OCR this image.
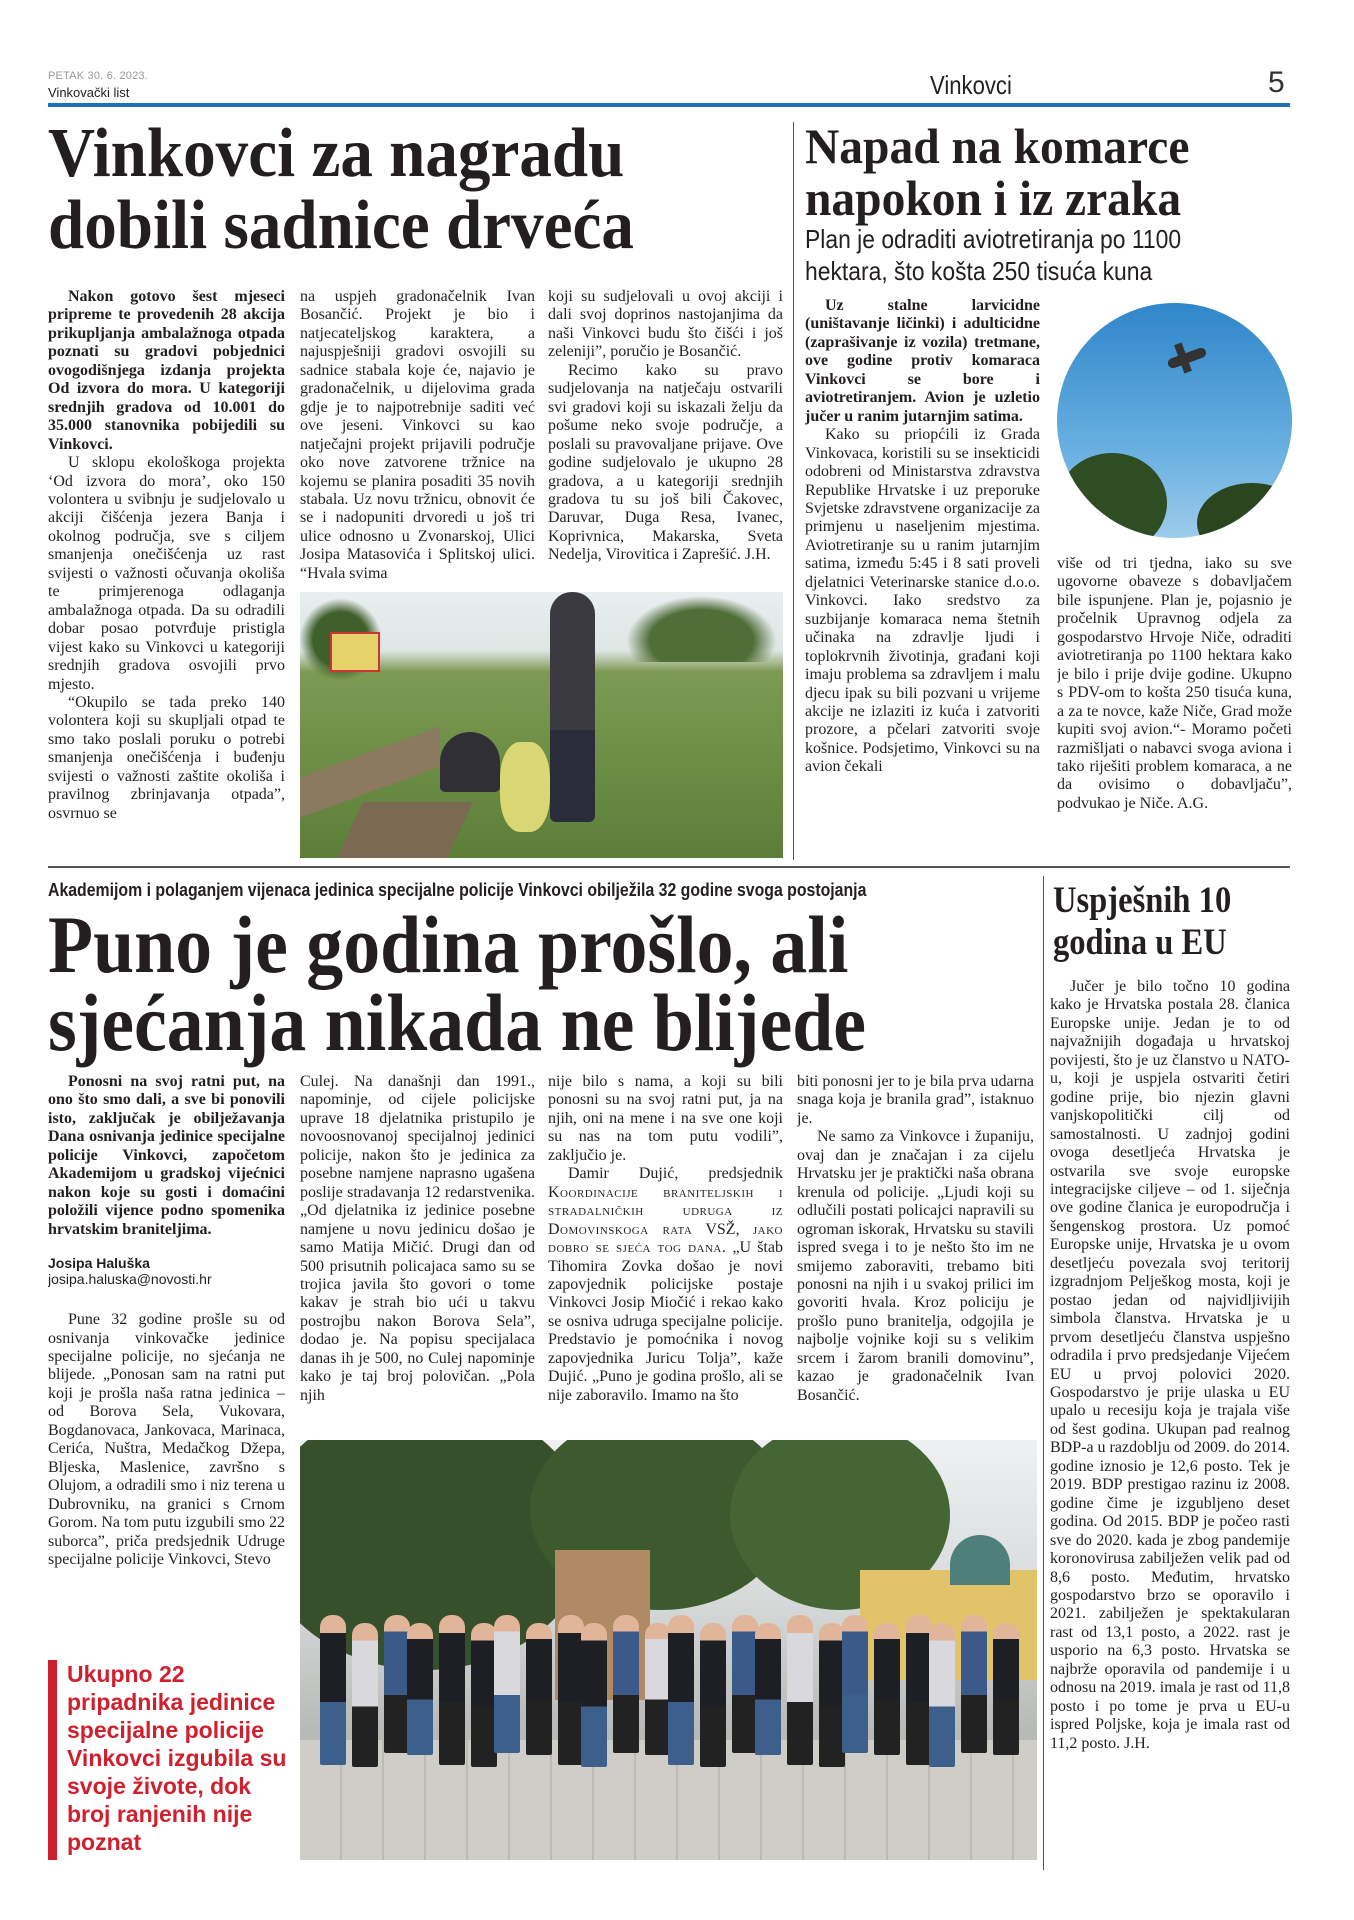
PETAK 30. 6. 2023.
Vinkovački list	Vinkovci	5
Vinkovci za nagradu
dobili sadnice drveća

Nakon gotovo šest mjeseci pripreme te provedenih 28 akcija prikupljanja ambalažnoga otpada poznati su gradovi pobjednici ovogodišnjega izdanja projekta Od izvora do mora. U kategoriji srednjih gradova od 10.001 do 35.000 stanovnika pobijedili su Vinkovci.

U sklopu ekološkoga projekta ‘Od izvora do mora’, oko 150 volontera u svibnju je sudjelovalo u akciji čišćenja jezera Banja i okolnog područja, sve s ciljem smanjenja onečišćenja uz rast svijesti o važnosti očuvanja okoliša te primjerenoga odlaganja ambalažnoga otpada. Da su odradili dobar posao potvrđuje pristigla vijest kako su Vinkovci u kategoriji srednjih gradova osvojili prvo mjesto.

“Okupilo se tada preko 140 volontera koji su skupljali otpad te smo tako poslali poruku o potrebi smanjenja onečišćenja i buđenju svijesti o važnosti zaštite okoliša i pravilnog zbrinjavanja otpada”, osvrnuo se

na uspjeh gradonačelnik Ivan Bosančić. Projekt je bio i natjecateljskog karaktera, a najuspješniji gradovi osvojili su sadnice stabala koje će, najavio je gradonačelnik, u dijelovima grada gdje je to najpotrebnije saditi već ove jeseni. Vinkovci su kao natječajni projekt prijavili područje oko nove zatvorene tržnice na kojemu se planira posaditi 35 novih stabala. Uz novu tržnicu, obnovit će se i nadopuniti drvoredi u još tri ulice odnosno u Zvonarskoj, Ulici Josipa Matasovića i Splitskoj ulici. “Hvala svima

koji su sudjelovali u ovoj akciji i dali svoj doprinos nastojanjima da naši Vinkovci budu što čišći i još zeleniji”, poručio je Bosančić.

Recimo kako su pravo sudjelovanja na natječaju ostvarili svi gradovi koji su iskazali želju da pošume neko svoje područje, a poslali su pravovaljane prijave. Ove godine sudjelovalo je ukupno 28 gradova, a u kategoriji srednjih gradova tu su još bili Čakovec, Daruvar, Duga Resa, Ivanec, Koprivnica, Makarska, Sveta Nedelja, Virovitica i Zaprešić. J.H.

Napad na komarce
napokon i iz zraka
Plan je odraditi aviotretiranja po 1100
hektara, što košta 250 tisuća kuna

Uz stalne larvicidne (uništavanje ličinki) i adulticidne (zaprašivanje iz vozila) tretmane, ove godine protiv komaraca Vinkovci se bore i aviotretiranjem. Avion je uzletio jučer u ranim jutarnjim satima.

Kako su priopćili iz Grada Vinkovaca, koristili su se insekticidi odobreni od Ministarstva zdravstva Republike Hrvatske i uz preporuke Svjetske zdravstvene organizacije za primjenu u naseljenim mjestima. Aviotretiranje su u ranim jutarnjim satima, između 5:45 i 8 sati proveli djelatnici Veterinarske stanice d.o.o. Vinkovci. Iako sredstvo za suzbijanje komaraca nema štetnih učinaka na zdravlje ljudi i toplokrvnih životinja, građani koji imaju problema sa zdravljem i malu djecu ipak su bili pozvani u vrijeme akcije ne izlaziti iz kuća i zatvoriti prozore, a pčelari zatvoriti svoje košnice. Podsjetimo, Vinkovci su na avion čekali

više od tri tjedna, iako su sve ugovorne obaveze s dobavljačem bile ispunjene. Plan je, pojasnio je pročelnik Upravnog odjela za gospodarstvo Hrvoje Niče, odraditi aviotretiranja po 1100 hektara kako je bilo i prije dvije godine. Ukupno s PDV-om to košta 250 tisuća kuna, a za te novce, kaže Niče, Grad može kupiti svoj avion.“- Moramo početi razmišljati o nabavci svoga aviona i tako riješiti problem komaraca, a ne da ovisimo o dobavljaču”, podvukao je Niče. A.G.

Akademijom i polaganjem vijenaca jedinica specijalne policije Vinkovci obilježila 32 godine svoga postojanja
Puno je godina prošlo, ali
sjećanja nikada ne blijede

Ponosni na svoj ratni put, na ono što smo dali, a sve bi ponovili isto, zaključak je obilježavanja Dana osnivanja jedinice specijalne policije Vinkovci, započetom Akademijom u gradskoj vijećnici nakon koje su gosti i domaćini položili vijence podno spomenika hrvatskim braniteljima.

Josipa Haluška
josipa.haluska@novosti.hr

Pune 32 godine prošle su od osnivanja vinkovačke jedinice specijalne policije, no sjećanja ne blijede. „Ponosan sam na ratni put koji je prošla naša ratna jedinica – od Borova Sela, Vukovara, Bogdanovaca, Jankovaca, Marinaca, Cerića, Nuštra, Medačkog Džepa, Bljeska, Maslenice, završno s Olujom, a odradili smo i niz terena u Dubrovniku, na granici s Crnom Gorom. Na tom putu izgubili smo 22 suborca”, priča predsjednik Udruge specijalne policije Vinkovci, Stevo

Culej. Na današnji dan 1991., napominje, od cijele policijske uprave 18 djelatnika pristupilo je novoosnovanoj specijalnoj jedinici policije, nakon što je jedinica za posebne namjene naprasno ugašena poslije stradavanja 12 redarstvenika. „Od djelatnika iz jedinice posebne namjene u novu jedinicu došao je samo Matija Mičić. Drugi dan od 500 prisutnih policajaca samo su se trojica javila što govori o tome kakav je strah bio ući u takvu postrojbu nakon Borova Sela”, dodao je. Na popisu specijalaca danas ih je 500, no Culej napominje kako je taj broj polovičan. „Pola njih

nije bilo s nama, a koji su bili ponosni su na svoj ratni put, ja na njih, oni na mene i na sve one koji su nas na tom putu vodili”, zaključio je.

Damir Dujić, predsjednik Koordinacije braniteljskih i stradalničkih udruga iz Domovinskoga rata VSŽ, jako dobro se sjeća tog dana. „U štab Tihomira Zovka došao je novi zapovjednik policijske postaje Vinkovci Josip Miočić i rekao kako se osniva udruga specijalne policije. Predstavio je pomoćnika i novog zapovjednika Juricu Tolja”, kaže Dujić. „Puno je godina prošlo, ali se nije zaboravilo. Imamo na što

biti ponosni jer to je bila prva udarna snaga koja je branila grad”, istaknuo je.

Ne samo za Vinkovce i županiju, ovaj dan je značajan i za cijelu Hrvatsku jer je praktički naša obrana krenula od policije. „Ljudi koji su odlučili postati policajci napravili su ogroman iskorak, Hrvatsku su stavili ispred svega i to je nešto što im ne smijemo zaboraviti, trebamo biti ponosni na njih i u svakoj prilici im govoriti hvala. Kroz policiju je prošlo puno branitelja, odgojila je najbolje vojnike koji su s velikim srcem i žarom branili domovinu”, kazao je gradonačelnik Ivan Bosančić.

Ukupno 22 pripadnika jedinice specijalne policije Vinkovci izgubila su svoje živote, dok broj ranjenih nije poznat
Uspješnih 10
godina u EU

Jučer je bilo točno 10 godina kako je Hrvatska postala 28. članica Europske unije. Jedan je to od najvažnijih događaja u hrvatskoj povijesti, što je uz članstvo u NATO-u, koji je uspjela ostvariti četiri godine prije, bio njezin glavni vanjskopolitički cilj od samostalnosti. U zadnjoj godini ovoga desetljeća Hrvatska je ostvarila sve svoje europske integracijske ciljeve – od 1. siječnja ove godine članica je europodručja i šengenskog prostora. Uz pomoć Europske unije, Hrvatska je u ovom desetljeću povezala svoj teritorij izgradnjom Pelješkog mosta, koji je postao jedan od najvidljivijih simbola članstva. Hrvatska je u prvom desetljeću članstva uspješno odradila i prvo predsjedanje Vijećem EU u prvoj polovici 2020. Gospodarstvo je prije ulaska u EU upalo u recesiju koja je trajala više od šest godina. Ukupan pad realnog BDP-a u razdoblju od 2009. do 2014. godine iznosio je 12,6 posto. Tek je 2019. BDP prestigao razinu iz 2008. godine čime je izgubljeno deset godina. Od 2015. BDP je počeo rasti sve do 2020. kada je zbog pandemije koronovirusa zabilježen velik pad od 8,6 posto. Međutim, hrvatsko gospodarstvo brzo se oporavilo i 2021. zabilježen je spektakularan rast od 13,1 posto, a 2022. rast je usporio na 6,3 posto. Hrvatska se najbrže oporavila od pandemije i u odnosu na 2019. imala je rast od 11,8 posto i po tome je prva u EU-u ispred Poljske, koja je imala rast od 11,2 posto. J.H.
